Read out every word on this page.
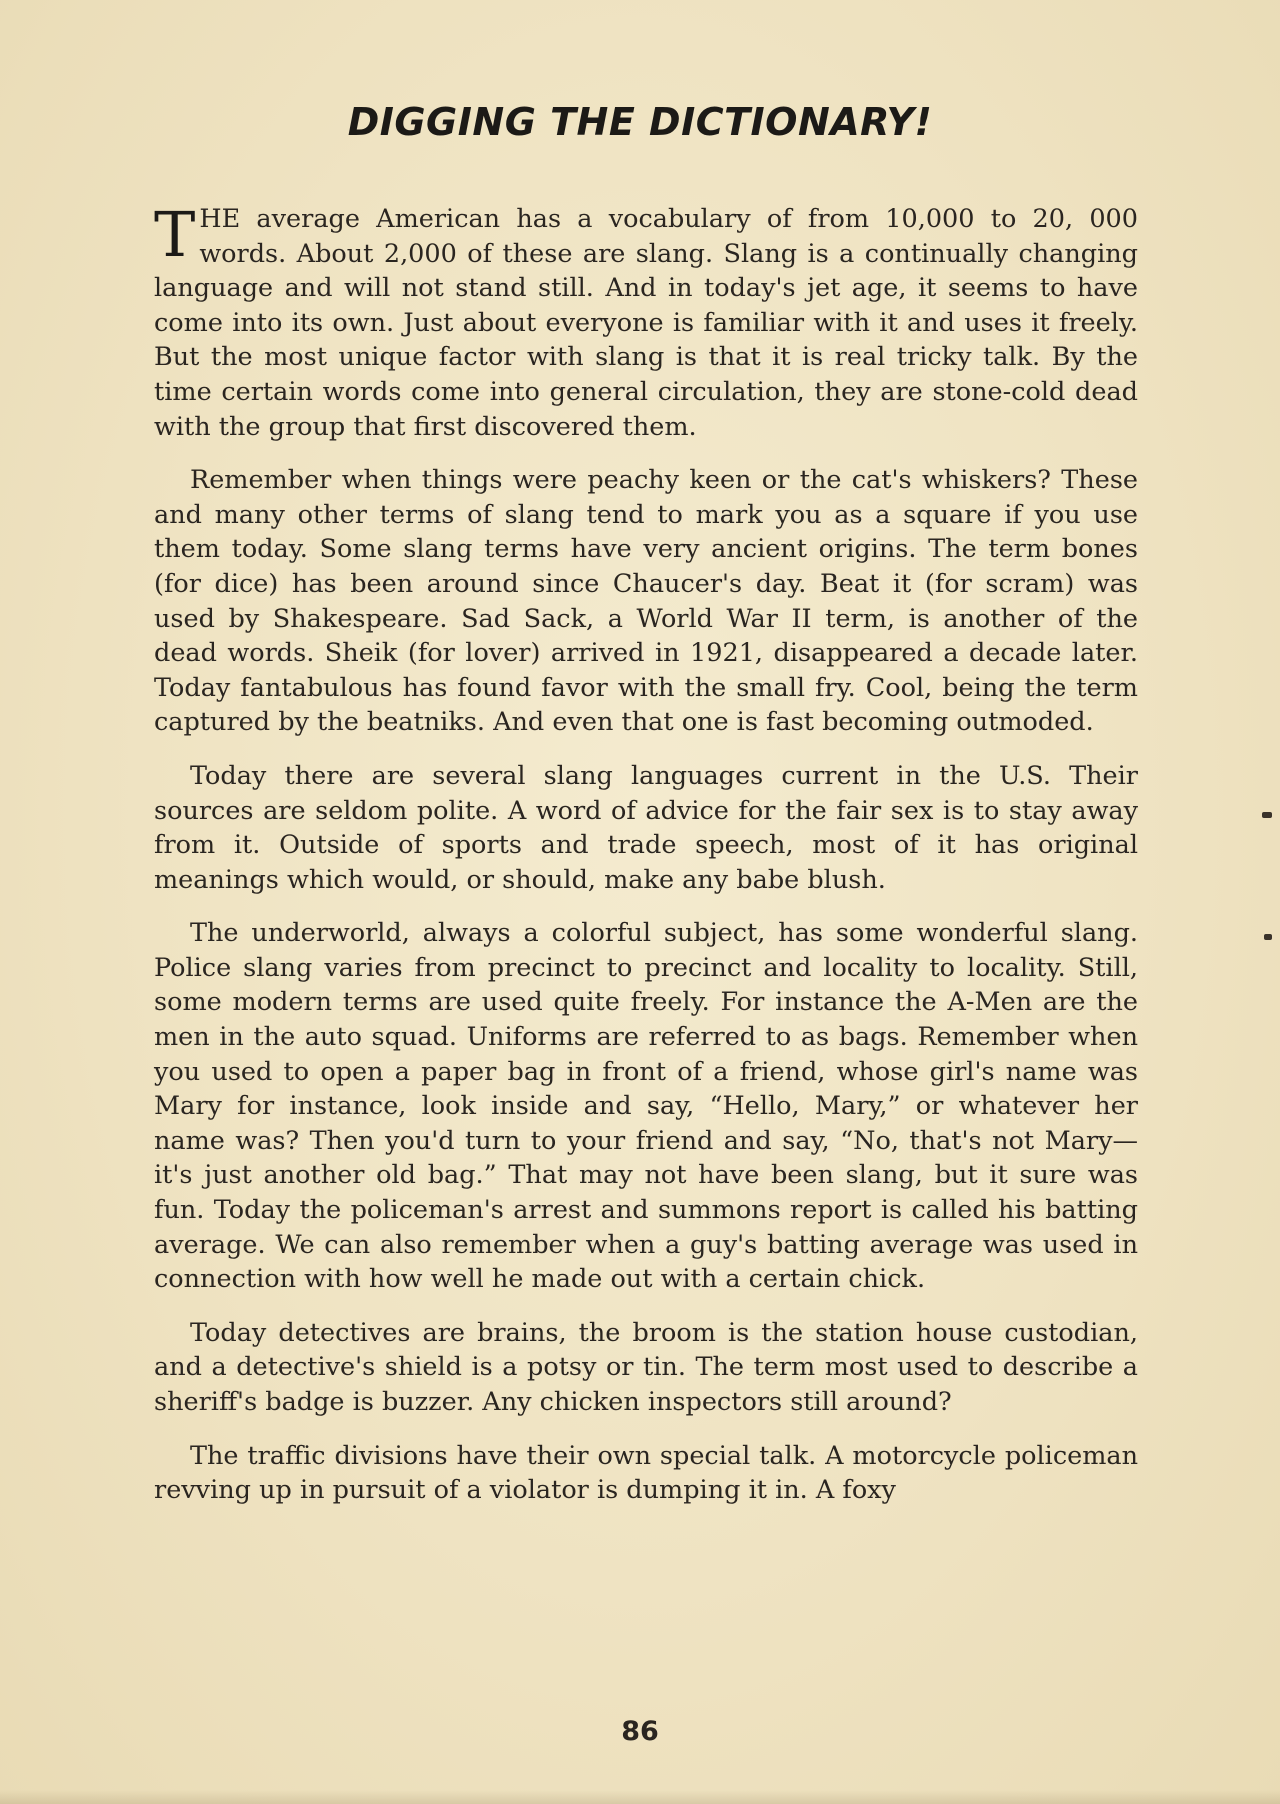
DIGGING THE DICTIONARY!

THE average American has a vocabulary of from 10,000 to 20, 000 words. About 2,000 of these are slang. Slang is a continually changing language and will not stand still. And in today's jet age, it seems to have come into its own. Just about everyone is familiar with it and uses it freely. But the most unique factor with slang is that it is real tricky talk. By the time certain words come into general circulation, they are stone-cold dead with the group that first discovered them.

Remember when things were peachy keen or the cat's whiskers? These and many other terms of slang tend to mark you as a square if you use them today. Some slang terms have very ancient origins. The term bones (for dice) has been around since Chaucer's day. Beat it (for scram) was used by Shakespeare. Sad Sack, a World War II term, is another of the dead words. Sheik (for lover) arrived in 1921, disappeared a decade later. Today fantabulous has found favor with the small fry. Cool, being the term captured by the beatniks. And even that one is fast becoming outmoded.

Today there are several slang languages current in the U.S. Their sources are seldom polite. A word of advice for the fair sex is to stay away from it. Outside of sports and trade speech, most of it has original meanings which would, or should, make any babe blush.

The underworld, always a colorful subject, has some wonderful slang. Police slang varies from precinct to precinct and locality to locality. Still, some modern terms are used quite freely. For instance the A-Men are the men in the auto squad. Uniforms are referred to as bags. Remember when you used to open a paper bag in front of a friend, whose girl's name was Mary for instance, look inside and say, “Hello, Mary,” or whatever her name was? Then you'd turn to your friend and say, “No, that's not Mary—it's just another old bag.” That may not have been slang, but it sure was fun. Today the policeman's arrest and summons report is called his batting average. We can also remember when a guy's batting average was used in connection with how well he made out with a certain chick.

Today detectives are brains, the broom is the station house custodian, and a detective's shield is a potsy or tin. The term most used to describe a sheriff's badge is buzzer. Any chicken inspectors still around?

The traffic divisions have their own special talk. A motorcycle policeman revving up in pursuit of a violator is dumping it in. A foxy

86
